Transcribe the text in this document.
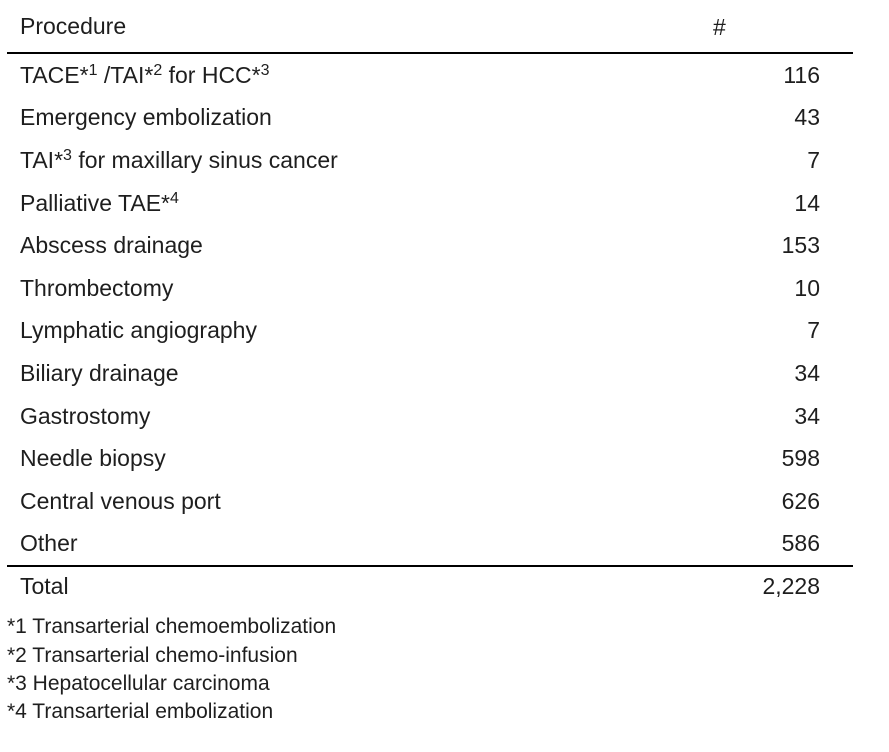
Procedure	#
TACE*$^1$ /TAI*$^2$ for HCC*$^3$	116
Emergency embolization	43
TAI*$^3$ for maxillary sinus cancer	7
Palliative TAE*$^4$	14
Abscess drainage	153
Thrombectomy	10
Lymphatic angiography	7
Biliary drainage	34
Gastrostomy	34
Needle biopsy	598
Central venous port	626
Other	586
Total	2,228
*1 Transarterial chemoembolization
*2 Transarterial chemo-infusion
*3 Hepatocellular carcinoma
*4 Transarterial embolization
